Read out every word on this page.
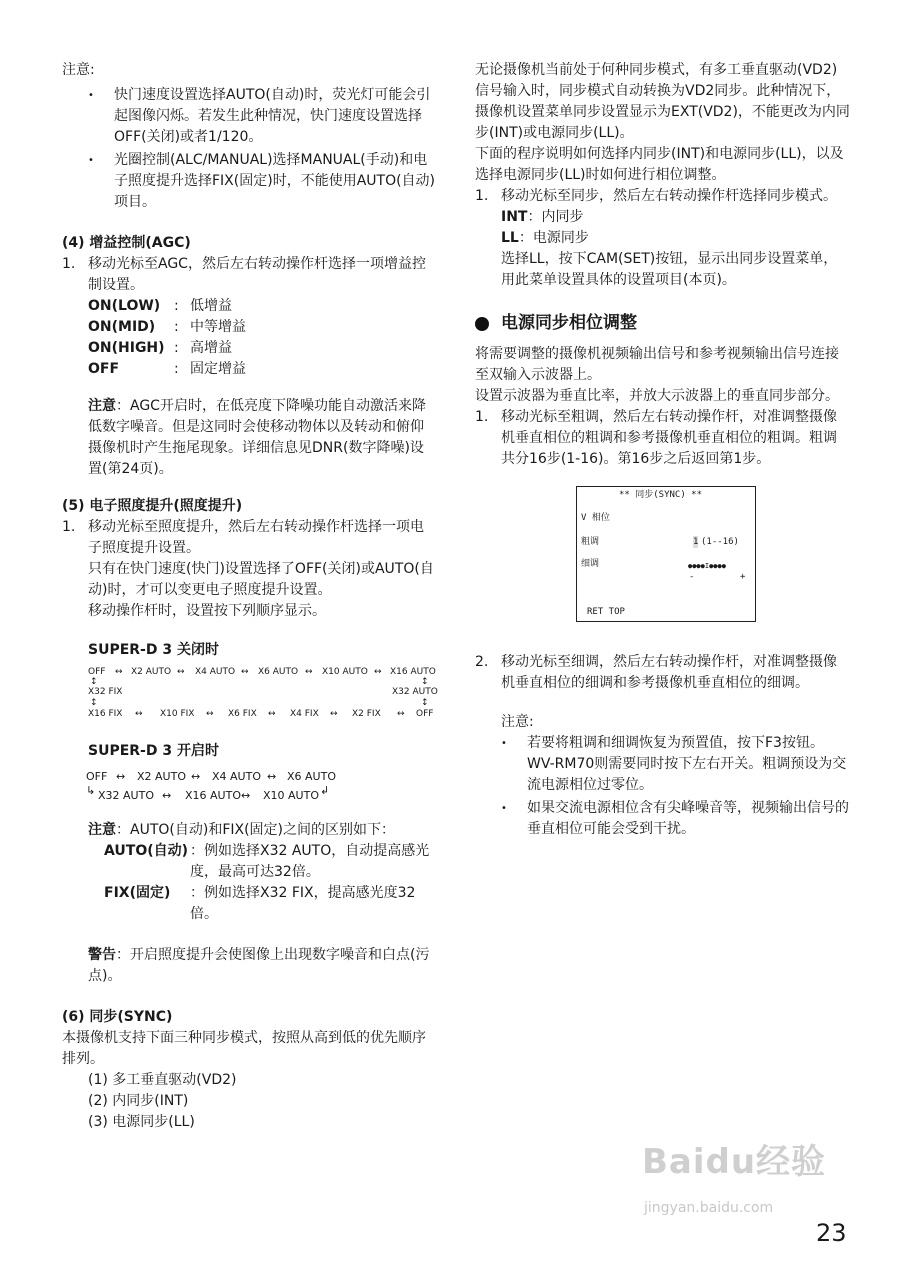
注意:

•	快门速度设置选择AUTO(自动)时，荧光灯可能会引起图像闪烁。若发生此种情况，快门速度设置选择OFF(关闭)或者1/120。
•	光圈控制(ALC/MANUAL)选择MANUAL(手动)和电子照度提升选择FIX(固定)时，不能使用AUTO(自动)项目。

(4) 增益控制(AGC)

1. 移动光标至AGC，然后左右转动操作杆选择一项增益控制设置。
ON(LOW) : 低增益
ON(MID)	: 中等增益
ON(HIGH) : 高增益
OFF	: 固定增益

注意：AGC开启时，在低亮度下降噪功能自动激活来降低数字噪音。但是这同时会使移动物体以及转动和俯仰摄像机时产生拖尾现象。详细信息见DNR(数字降噪)设置(第24页)。

(5) 电子照度提升(照度提升)

1. 移动光标至照度提升，然后左右转动操作杆选择一项电子照度提升设置。

只有在快门速度(快门)设置选择了OFF(关闭)或AUTO(自动)时，才可以变更电子照度提升设置。

移动操作杆时，设置按下列顺序显示。

SUPER-D 3 关闭时

OFF ↔ X2 AUTO ↔ X4 AUTO ↔ X6 AUTO ↔ X10 AUTO ↔ X16 AUTO
↕	↕
X32 FIX	X32 AUTO
↕	↕
X16 FIX ↔ X10 FIX ↔ X6 FIX ↔ X4 FIX ↔ X2 FIX ↔ OFF

SUPER-D 3 开启时

OFF ↔ X2 AUTO ↔ X4 AUTO ↔ X6 AUTO
↳ X32 AUTO ↔ X16 AUTO ↔ X10 AUTO ↲

注意：AUTO(自动)和FIX(固定)之间的区别如下：

AUTO(自动) ：例如选择X32 AUTO，自动提高感光度，最高可达32倍。
FIX(固定)	：例如选择X32 FIX，提高感光度32倍。

警告：开启照度提升会使图像上出现数字噪音和白点(污点)。

(6) 同步(SYNC)

本摄像机支持下面三种同步模式，按照从高到低的优先顺序排列。

(1) 多工垂直驱动(VD2)

(2) 内同步(INT)

(3) 电源同步(LL)

无论摄像机当前处于何种同步模式，有多工垂直驱动(VD2)信号输入时，同步模式自动转换为VD2同步。此种情况下，摄像机设置菜单同步设置显示为EXT(VD2)，不能更改为内同步(INT)或电源同步(LL)。

下面的程序说明如何选择内同步(INT)和电源同步(LL)，以及选择电源同步(LL)时如何进行相位调整。

1. 移动光标至同步，然后左右转动操作杆选择同步模式。

INT：内同步

LL：电源同步

选择LL，按下CAM(SET)按钮，显示出同步设置菜单，用此菜单设置具体的设置项目(本页)。

电源同步相位调整

将需要调整的摄像机视频输出信号和参考视频输出信号连接至双输入示波器上。

设置示波器为垂直比率，并放大示波器上的垂直同步部分。

1. 移动光标至粗调，然后左右转动操作杆，对准调整摄像机垂直相位的粗调和参考摄像机垂直相位的粗调。粗调共分16步(1-16)。第16步之后返回第1步。
** 同步(SYNC) **
V 相位
粗调	1 (1--16)
细调	●●●●I●●●●
-	+
RET TOP
2. 移动光标至细调，然后左右转动操作杆，对准调整摄像机垂直相位的细调和参考摄像机垂直相位的细调。

注意:

•	若要将粗调和细调恢复为预置值，按下F3按钮。WV-RM70则需要同时按下左右开关。粗调预设为交流电源相位过零位。
•	如果交流电源相位含有尖峰噪音等，视频输出信号的垂直相位可能会受到干扰。
Baidu经验
jingyan.baidu.com
23
